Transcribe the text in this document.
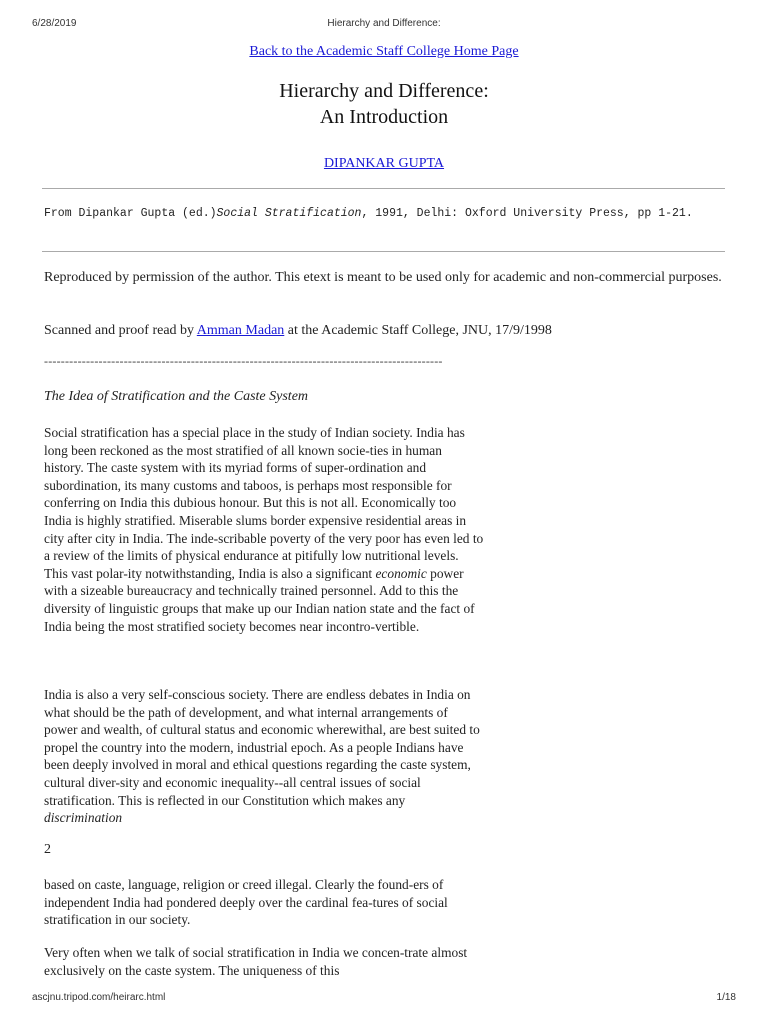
6/28/2019	Hierarchy and Difference:
Back to the Academic Staff College Home Page
Hierarchy and Difference:
An Introduction
DIPANKAR GUPTA
From Dipankar Gupta (ed.)Social Stratification, 1991, Delhi: Oxford University Press, pp 1-21.
Reproduced by permission of the author. This etext is meant to be used only for academic and non-commercial purposes.
Scanned and proof read by Amman Madan at the Academic Staff College, JNU, 17/9/1998
-----------------------------------------------------------------------------------------------
The Idea of Stratification and the Caste System
Social stratification has a special place in the study of Indian society. India has long been reckoned as the most stratified of all known socie-ties in human history. The caste system with its myriad forms of super-ordination and subordination, its many customs and taboos, is perhaps most responsible for conferring on India this dubious honour. But this is not all. Economically too India is highly stratified. Miserable slums border expensive residential areas in city after city in India. The inde-scribable poverty of the very poor has even led to a review of the limits of physical endurance at pitifully low nutritional levels. This vast polar-ity notwithstanding, India is also a significant economic power with a sizeable bureaucracy and technically trained personnel. Add to this the diversity of linguistic groups that make up our Indian nation state and the fact of India being the most stratified society becomes near incontro-vertible.
India is also a very self-conscious society. There are endless debates in India on what should be the path of development, and what internal arrangements of power and wealth, of cultural status and economic wherewithal, are best suited to propel the country into the modern, industrial epoch. As a people Indians have been deeply involved in moral and ethical questions regarding the caste system, cultural diver-sity and economic inequality--all central issues of social stratification. This is reflected in our Constitution which makes any discrimination
2
based on caste, language, religion or creed illegal. Clearly the found-ers of independent India had pondered deeply over the cardinal fea-tures of social stratification in our society.
Very often when we talk of social stratification in India we concen-trate almost exclusively on the caste system. The uniqueness of this
ascjnu.tripod.com/heirarc.html	1/18
